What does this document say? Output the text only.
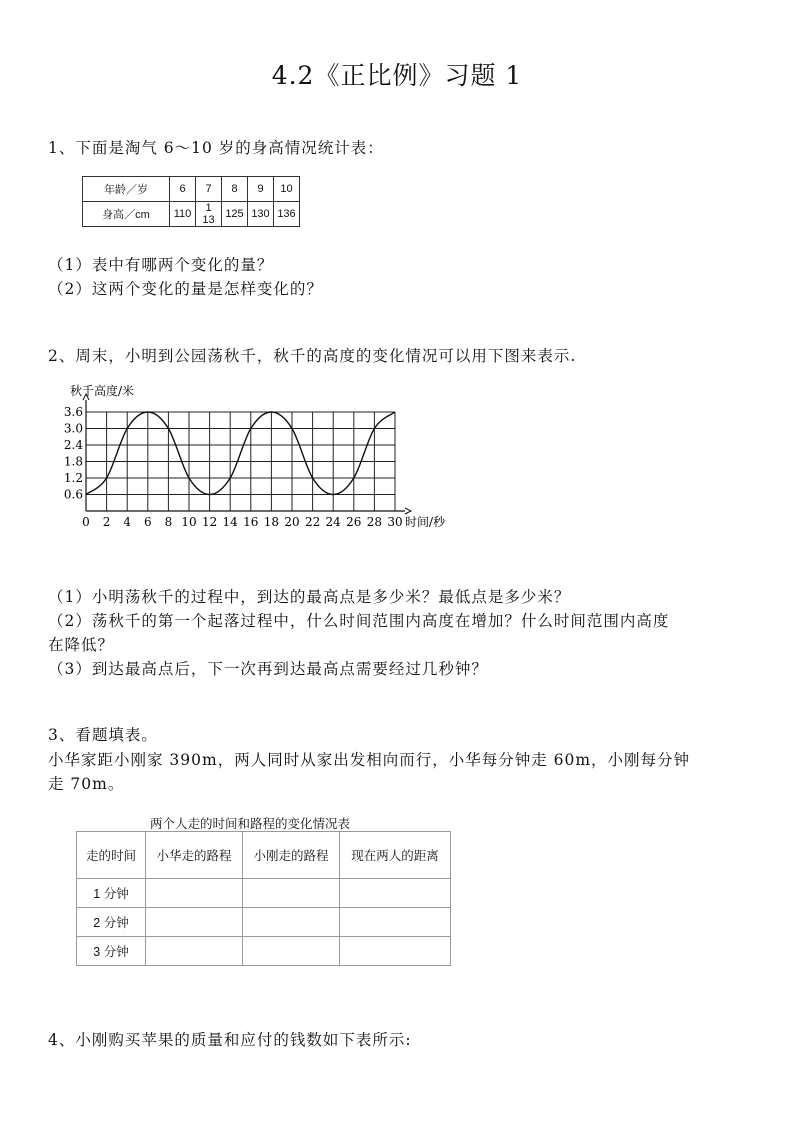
4.2《正比例》习题 1
1、下面是淘气 6～10 岁的身高情况统计表：
年龄／岁	6	7	8	9	10
身高／cm	110	1 13	125	130	136
（1）表中有哪两个变化的量？
（2）这两个变化的量是怎样变化的？
2、周末，小明到公园荡秋千，秋千的高度的变化情况可以用下图来表示.
0 2 4 6 8 10 12 14 16 18 20 22 24 26 28 30
0.6
1.2
1.8
2.4
3.0
3.6
秋千高度/米
时间/秒
（1）小明荡秋千的过程中，到达的最高点是多少米？最低点是多少米？
（2）荡秋千的第一个起落过程中，什么时间范围内高度在增加？什么时间范围内高度
在降低？
（3）到达最高点后，下一次再到达最高点需要经过几秒钟？
3、看题填表。
小华家距小刚家 390m，两人同时从家出发相向而行，小华每分钟走 60m，小刚每分钟
走 70m。
两个人走的时间和路程的变化情况表
走的时间	小华走的路程	小刚走的路程	现在两人的距离
1 分钟			
2 分钟			
3 分钟			
4、小刚购买苹果的质量和应付的钱数如下表所示:
